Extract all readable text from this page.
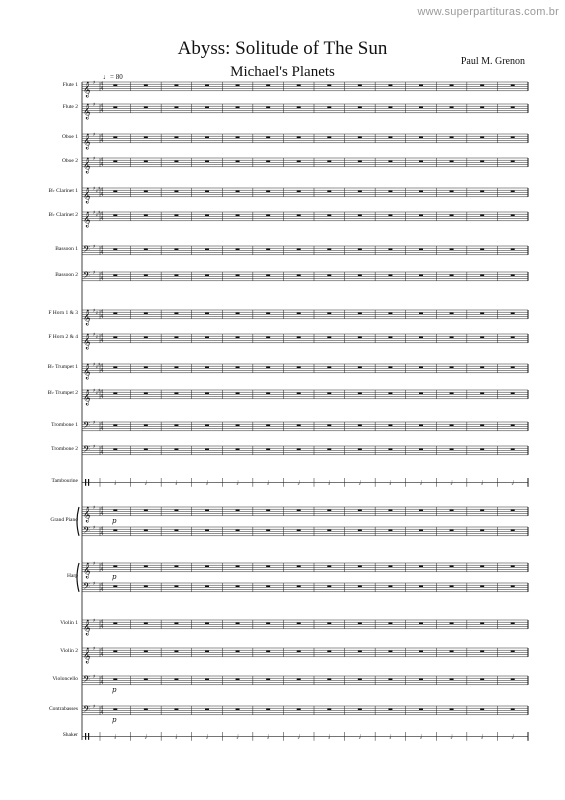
www.superpartituras.com.br
Abyss: Solitude of The Sun
Paul M. Grenon
Michael's Planets
♩= 80
𝄞 ♯ 4
4
𝄞 ♯ 4
4
𝄞 ♯ 4
4
𝄞 ♯ 4
4
𝄞 ♯ ♯ ♯ 4
4
𝄞 ♯ ♯ ♯ 4
4
𝄢 ♯ 4
4
𝄢 ♯ 4
4
𝄞 ♯ ♯ 4
4
𝄞 ♯ ♯ 4
4
𝄞 ♯ ♯ ♯ 4
4
𝄞 ♯ ♯ ♯ 4
4
𝄢 ♯ 4
4
𝄢 ♯ 4
4
♩	♩	♩	♩	♩	♩	♩	♩	♩	♩	♩	♩	♩	♩
𝄞 ♯ 4
4
𝄢 ♯ 4
4
p
𝄞 ♯ 4
4
𝄢 ♯ 4
4
p
𝄞 ♯ 4
4
𝄞 ♯ 4
4
𝄢 ♯ 4
4
p
𝄢 ♯ 4
4
p
♩	♩	♩	♩	♩	♩	♩	♩	♩	♩	♩	♩	♩	♩
Flute 1
Flute 2
Oboe 1
Oboe 2
B♭ Clarinet 1
B♭ Clarinet 2
Bassoon 1
Bassoon 2
F Horn 1 & 3
F Horn 2 & 4
B♭ Trumpet 1
B♭ Trumpet 2
Trombone 1
Trombone 2
Tambourine
Grand Piano
Harp
Violin 1
Violin 2
Violoncello
Contrabasses
Shaker
